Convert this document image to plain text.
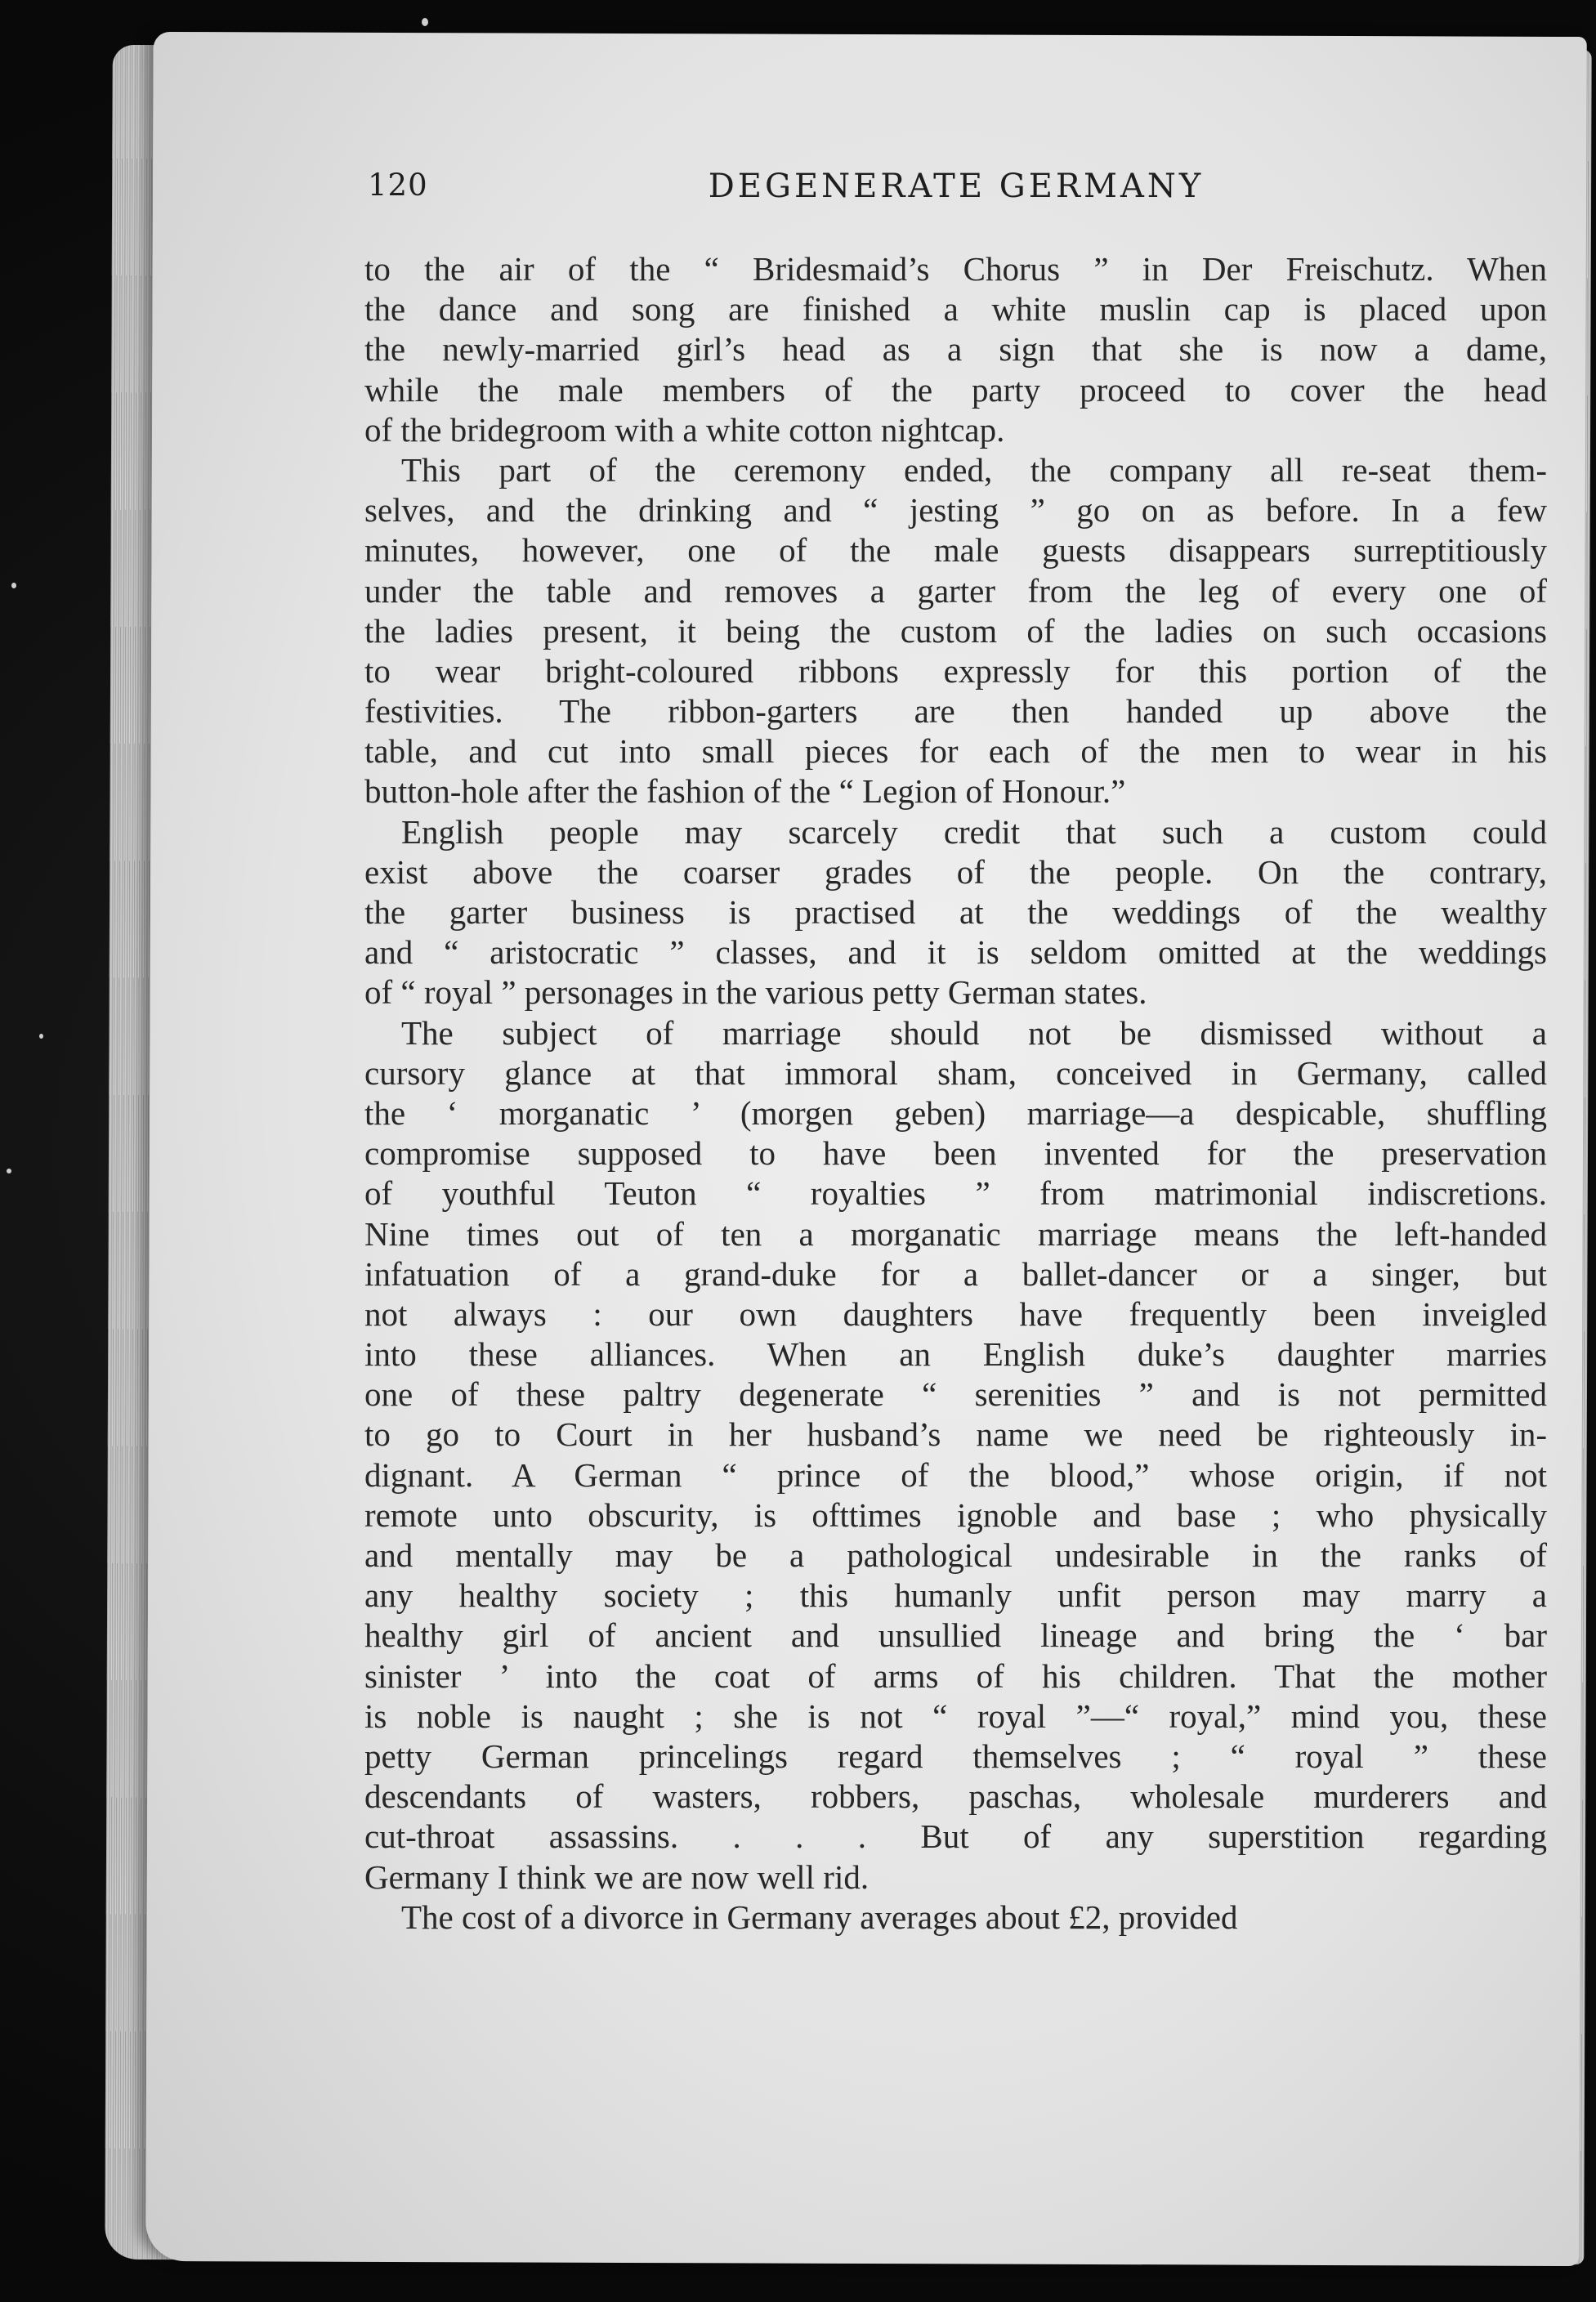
120	DEGENERATE GERMANY
to the air of the “ Bridesmaid’s Chorus ” in Der Freischutz. When
the dance and song are finished a white muslin cap is placed upon
the newly-married girl’s head as a sign that she is now a dame,
while the male members of the party proceed to cover the head
of the bridegroom with a white cotton nightcap.
This part of the ceremony ended, the company all re-seat them-
selves, and the drinking and “ jesting ” go on as before. In a few
minutes, however, one of the male guests disappears surreptitiously
under the table and removes a garter from the leg of every one of
the ladies present, it being the custom of the ladies on such occasions
to wear bright-coloured ribbons expressly for this portion of the
festivities. The ribbon-garters are then handed up above the
table, and cut into small pieces for each of the men to wear in his
button-hole after the fashion of the “ Legion of Honour.”
English people may scarcely credit that such a custom could
exist above the coarser grades of the people. On the contrary,
the garter business is practised at the weddings of the wealthy
and “ aristocratic ” classes, and it is seldom omitted at the weddings
of “ royal ” personages in the various petty German states.
The subject of marriage should not be dismissed without a
cursory glance at that immoral sham, conceived in Germany, called
the ‘ morganatic ’ (morgen geben) marriage—a despicable, shuffling
compromise supposed to have been invented for the preservation
of youthful Teuton “ royalties ” from matrimonial indiscretions.
Nine times out of ten a morganatic marriage means the left-handed
infatuation of a grand-duke for a ballet-dancer or a singer, but
not always : our own daughters have frequently been inveigled
into these alliances. When an English duke’s daughter marries
one of these paltry degenerate “ serenities ” and is not permitted
to go to Court in her husband’s name we need be righteously in-
dignant. A German “ prince of the blood,” whose origin, if not
remote unto obscurity, is ofttimes ignoble and base ; who physically
and mentally may be a pathological undesirable in the ranks of
any healthy society ; this humanly unfit person may marry a
healthy girl of ancient and unsullied lineage and bring the ‘ bar
sinister ’ into the coat of arms of his children. That the mother
is noble is naught ; she is not “ royal ”—“ royal,” mind you, these
petty German princelings regard themselves ; “ royal ” these
descendants of wasters, robbers, paschas, wholesale murderers and
cut-throat assassins. . . . But of any superstition regarding
Germany I think we are now well rid.
The cost of a divorce in Germany averages about £2, provided
